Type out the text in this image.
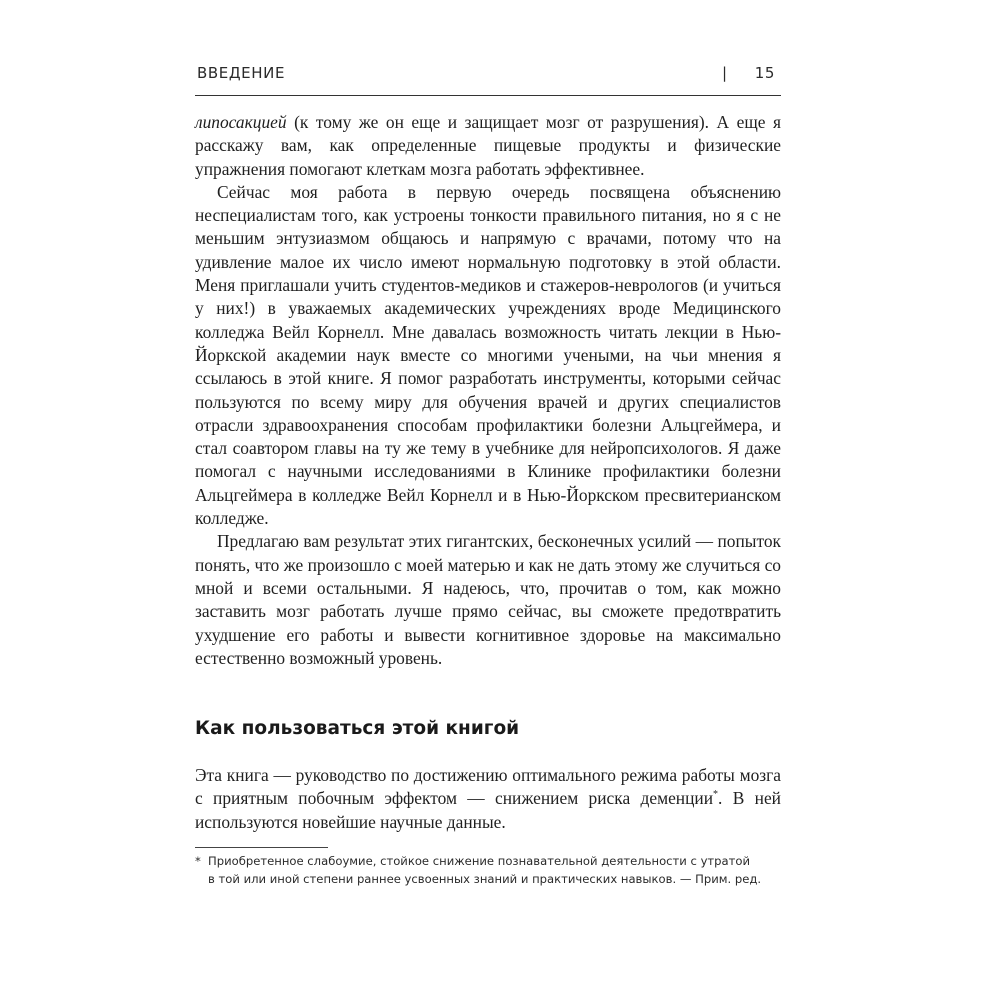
ВВЕДЕНИЕ	| 15

липосакцией (к тому же он еще и защищает мозг от разрушения). А еще я расскажу вам, как определенные пищевые продукты и физические упражнения помогают клеткам мозга работать эффективнее.

Сейчас моя работа в первую очередь посвящена объяснению неспециалистам того, как устроены тонкости правильного питания, но я с не меньшим энтузиазмом общаюсь и напрямую с врачами, потому что на удивление малое их число имеют нормальную подготовку в этой области. Меня приглашали учить студентов-медиков и стажеров-неврологов (и учиться у них!) в уважаемых академических учреждениях вроде Медицинского колледжа Вейл Корнелл. Мне давалась возможность читать лекции в Нью-Йоркской академии наук вместе со многими учеными, на чьи мнения я ссылаюсь в этой книге. Я помог разработать инструменты, которыми сейчас пользуются по всему миру для обучения врачей и других специалистов отрасли здравоохранения способам профилактики болезни Альцгеймера, и стал соавтором главы на ту же тему в учебнике для нейропсихологов. Я даже помогал с научными исследованиями в Клинике профилактики болезни Альцгеймера в колледже Вейл Корнелл и в Нью-Йоркском пресвитерианском колледже.

Предлагаю вам результат этих гигантских, бесконечных усилий — попыток понять, что же произошло с моей матерью и как не дать этому же случиться со мной и всеми остальными. Я надеюсь, что, прочитав о том, как можно заставить мозг работать лучше прямо сейчас, вы сможете предотвратить ухудшение его работы и вывести когнитивное здоровье на максимально естественно возможный уровень.

Как пользоваться этой книгой

Эта книга — руководство по достижению оптимального режима работы мозга с приятным побочным эффектом — снижением риска деменции*. В ней используются новейшие научные данные.

* Приобретенное слабоумие, стойкое снижение познавательной деятельности с утратой
в той или иной степени раннее усвоенных знаний и практических навыков. — Прим. ред.
